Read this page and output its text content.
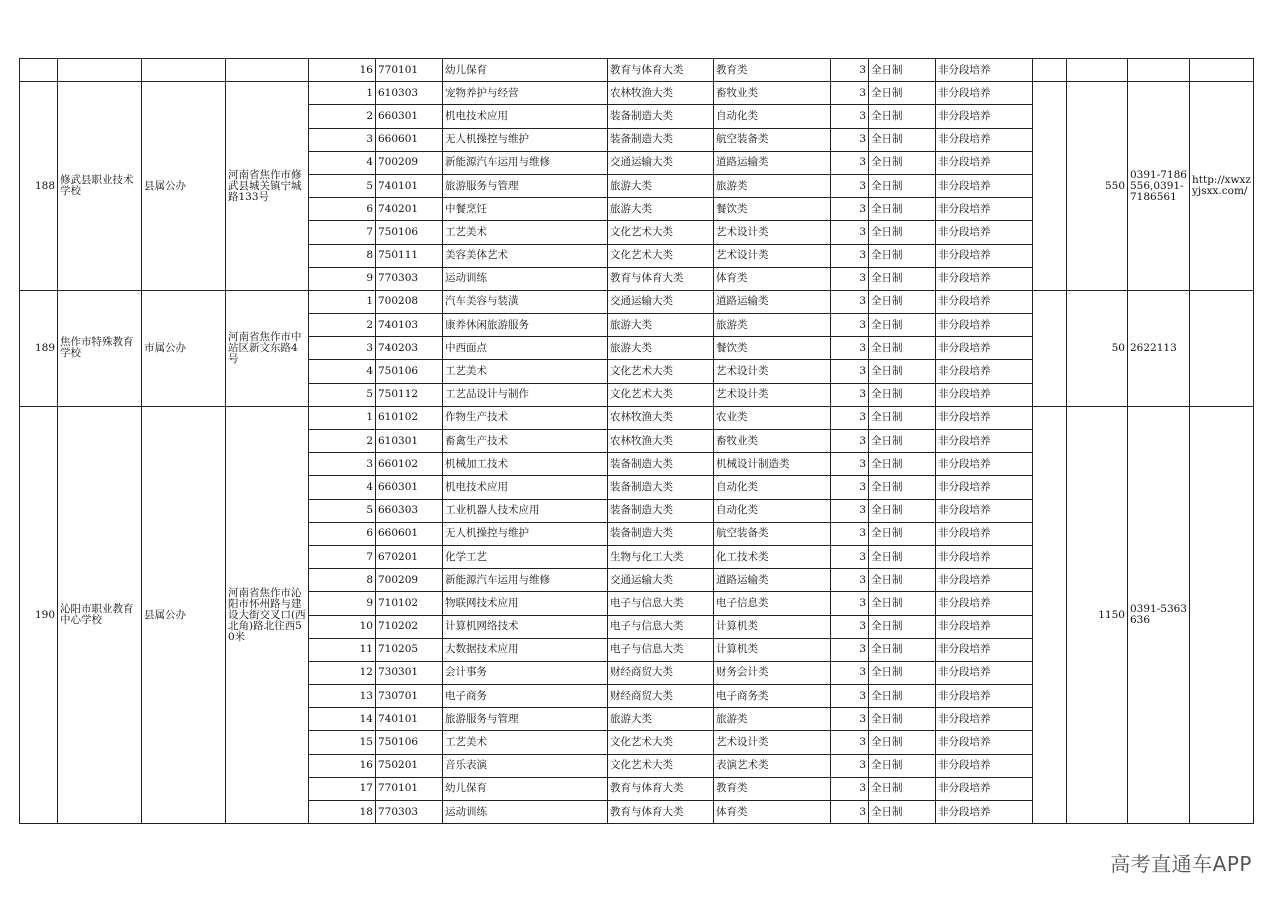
				16	770101	幼儿保育	教育与体育大类	教育类	3	全日制	非分段培养					
188	修武县职业技术学校	县属公办	河南省焦作市修武县城关镇宁城路133号	1	610303	宠物养护与经营	农林牧渔大类	畜牧业类	3	全日制	非分段培养		550	0391-7186556,0391-7186561	http://xwxzyjsxx.com/	
				2	660301	机电技术应用	装备制造大类	自动化类	3	全日制	非分段培养					
				3	660601	无人机操控与维护	装备制造大类	航空装备类	3	全日制	非分段培养					
				4	700209	新能源汽车运用与维修	交通运输大类	道路运输类	3	全日制	非分段培养					
				5	740101	旅游服务与管理	旅游大类	旅游类	3	全日制	非分段培养					
				6	740201	中餐烹饪	旅游大类	餐饮类	3	全日制	非分段培养					
				7	750106	工艺美术	文化艺术大类	艺术设计类	3	全日制	非分段培养					
				8	750111	美容美体艺术	文化艺术大类	艺术设计类	3	全日制	非分段培养					
				9	770303	运动训练	教育与体育大类	体育类	3	全日制	非分段培养					
189	焦作市特殊教育学校	市属公办	河南省焦作市中站区新文东路4号	1	700208	汽车美容与装潢	交通运输大类	道路运输类	3	全日制	非分段培养		50	2622113		
				2	740103	康养休闲旅游服务	旅游大类	旅游类	3	全日制	非分段培养					
				3	740203	中西面点	旅游大类	餐饮类	3	全日制	非分段培养					
				4	750106	工艺美术	文化艺术大类	艺术设计类	3	全日制	非分段培养					
				5	750112	工艺品设计与制作	文化艺术大类	艺术设计类	3	全日制	非分段培养					
190	沁阳市职业教育中心学校	县属公办	河南省焦作市沁阳市怀州路与建设大街交叉口(西北角)路北往西50米	1	610102	作物生产技术	农林牧渔大类	农业类	3	全日制	非分段培养		1150	0391-5363636		
				2	610301	畜禽生产技术	农林牧渔大类	畜牧业类	3	全日制	非分段培养					
				3	660102	机械加工技术	装备制造大类	机械设计制造类	3	全日制	非分段培养					
				4	660301	机电技术应用	装备制造大类	自动化类	3	全日制	非分段培养					
				5	660303	工业机器人技术应用	装备制造大类	自动化类	3	全日制	非分段培养					
				6	660601	无人机操控与维护	装备制造大类	航空装备类	3	全日制	非分段培养					
				7	670201	化学工艺	生物与化工大类	化工技术类	3	全日制	非分段培养					
				8	700209	新能源汽车运用与维修	交通运输大类	道路运输类	3	全日制	非分段培养					
				9	710102	物联网技术应用	电子与信息大类	电子信息类	3	全日制	非分段培养					
				10	710202	计算机网络技术	电子与信息大类	计算机类	3	全日制	非分段培养					
				11	710205	大数据技术应用	电子与信息大类	计算机类	3	全日制	非分段培养					
				12	730301	会计事务	财经商贸大类	财务会计类	3	全日制	非分段培养					
				13	730701	电子商务	财经商贸大类	电子商务类	3	全日制	非分段培养					
				14	740101	旅游服务与管理	旅游大类	旅游类	3	全日制	非分段培养					
				15	750106	工艺美术	文化艺术大类	艺术设计类	3	全日制	非分段培养					
				16	750201	音乐表演	文化艺术大类	表演艺术类	3	全日制	非分段培养					
				17	770101	幼儿保育	教育与体育大类	教育类	3	全日制	非分段培养					
				18	770303	运动训练	教育与体育大类	体育类	3	全日制	非分段培养					
高考直通车APP
